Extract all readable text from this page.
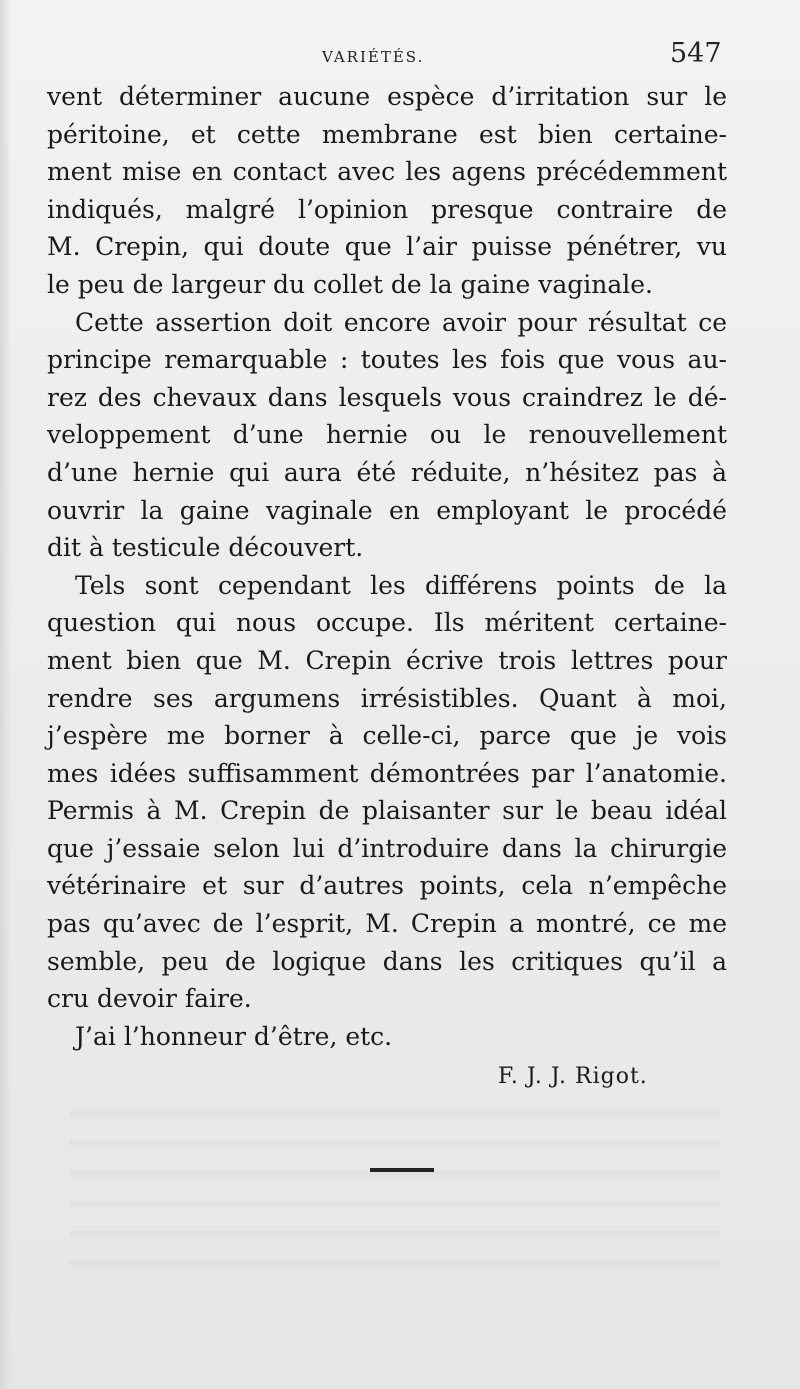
VARIÉTÉS.	547
vent déterminer aucune espèce d’irritation sur le
péritoine, et cette membrane est bien certaine-
ment mise en contact avec les agens précédemment
indiqués, malgré l’opinion presque contraire de
M. Crepin, qui doute que l’air puisse pénétrer, vu
le peu de largeur du collet de la gaine vaginale.
Cette assertion doit encore avoir pour résultat ce
principe remarquable : toutes les fois que vous au-
rez des chevaux dans lesquels vous craindrez le dé-
veloppement d’une hernie ou le renouvellement
d’une hernie qui aura été réduite, n’hésitez pas à
ouvrir la gaine vaginale en employant le procédé
dit à testicule découvert.
Tels sont cependant les différens points de la
question qui nous occupe. Ils méritent certaine-
ment bien que M. Crepin écrive trois lettres pour
rendre ses argumens irrésistibles. Quant à moi,
j’espère me borner à celle-ci, parce que je vois
mes idées suffisamment démontrées par l’anatomie.
Permis à M. Crepin de plaisanter sur le beau idéal
que j’essaie selon lui d’introduire dans la chirurgie
vétérinaire et sur d’autres points, cela n’empêche
pas qu’avec de l’esprit, M. Crepin a montré, ce me
semble, peu de logique dans les critiques qu’il a
cru devoir faire.
J’ai l’honneur d’être, etc.
F. J. J. Rigot.
